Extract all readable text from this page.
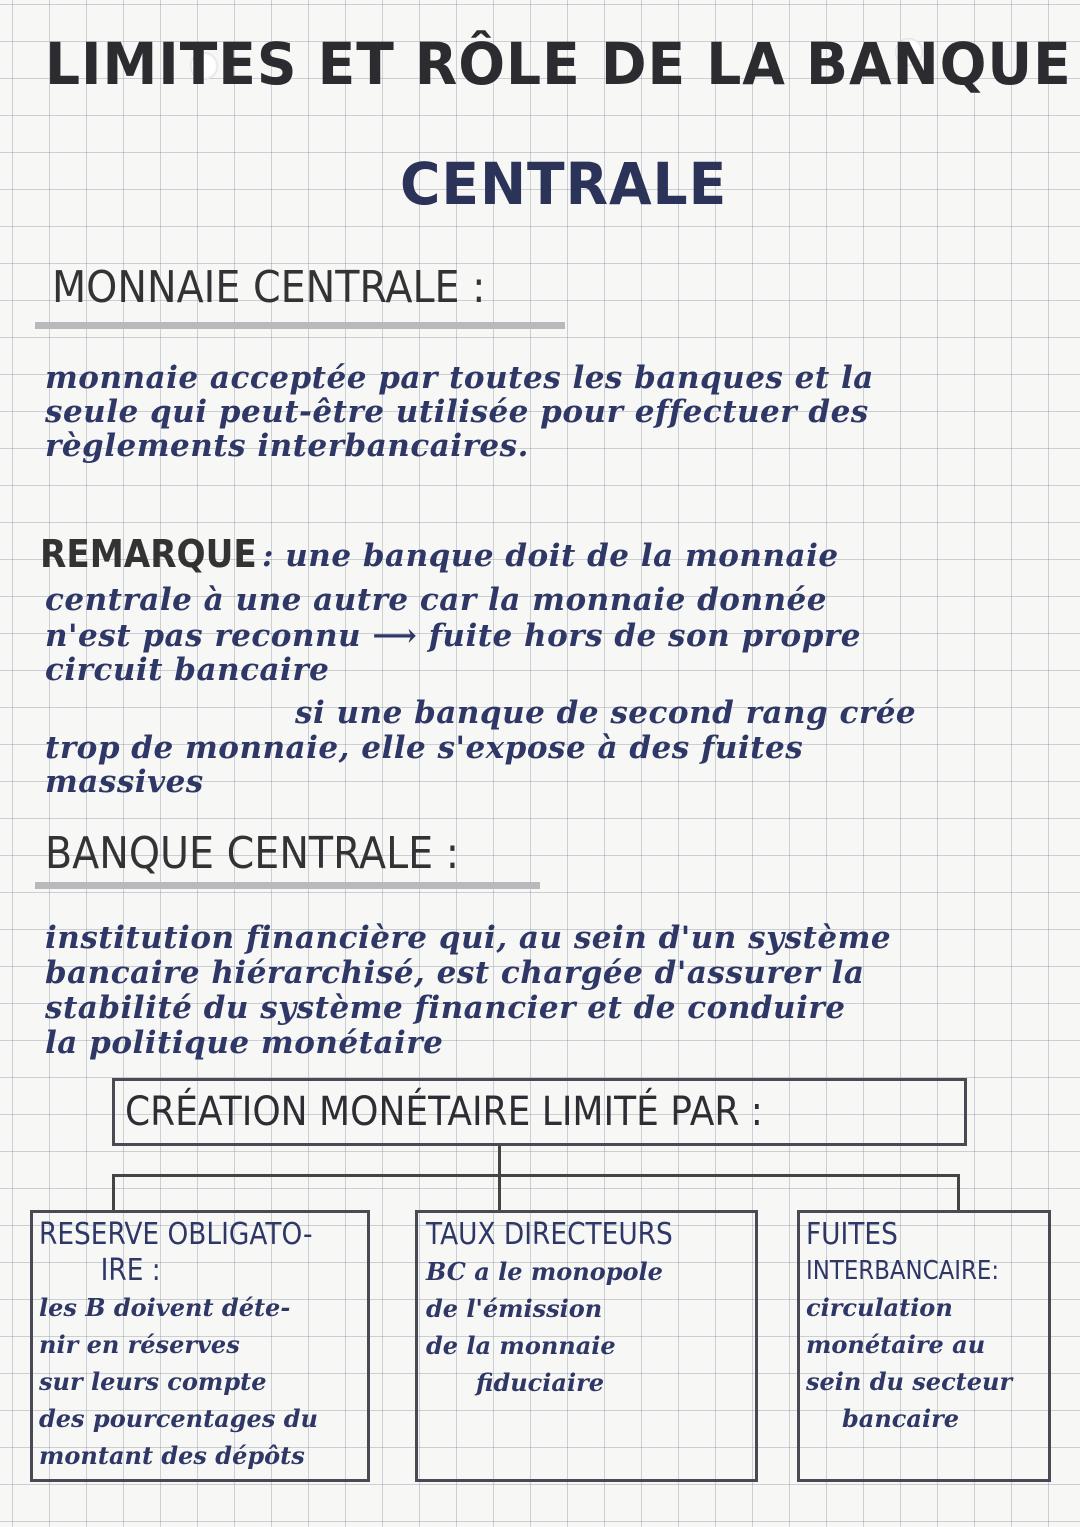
LIMITES ET RÔLE DE LA BANQUE
CENTRALE
MONNAIE CENTRALE :
monnaie acceptée par toutes les banques et la
seule qui peut-être utilisée pour effectuer des
règlements interbancaires.
REMARQUE : une banque doit de la monnaie
centrale à une autre car la monnaie donnée
n'est pas reconnu ⟶ fuite hors de son propre
circuit bancaire
si une banque de second rang crée
trop de monnaie, elle s'expose à des fuites
massives
BANQUE CENTRALE :
institution financière qui, au sein d'un système
bancaire hiérarchisé, est chargée d'assurer la
stabilité du système financier et de conduire
la politique monétaire
CRÉATION MONÉTAIRE LIMITÉ PAR :
RESERVE OBLIGATO-
IRE :
les B doivent déte-
nir en réserves
sur leurs compte
des pourcentages du
montant des dépôts
TAUX DIRECTEURS
BC a le monopole
de l'émission
de la monnaie
fiduciaire
FUITES
INTERBANCAIRE:
circulation
monétaire au
sein du secteur
bancaire
